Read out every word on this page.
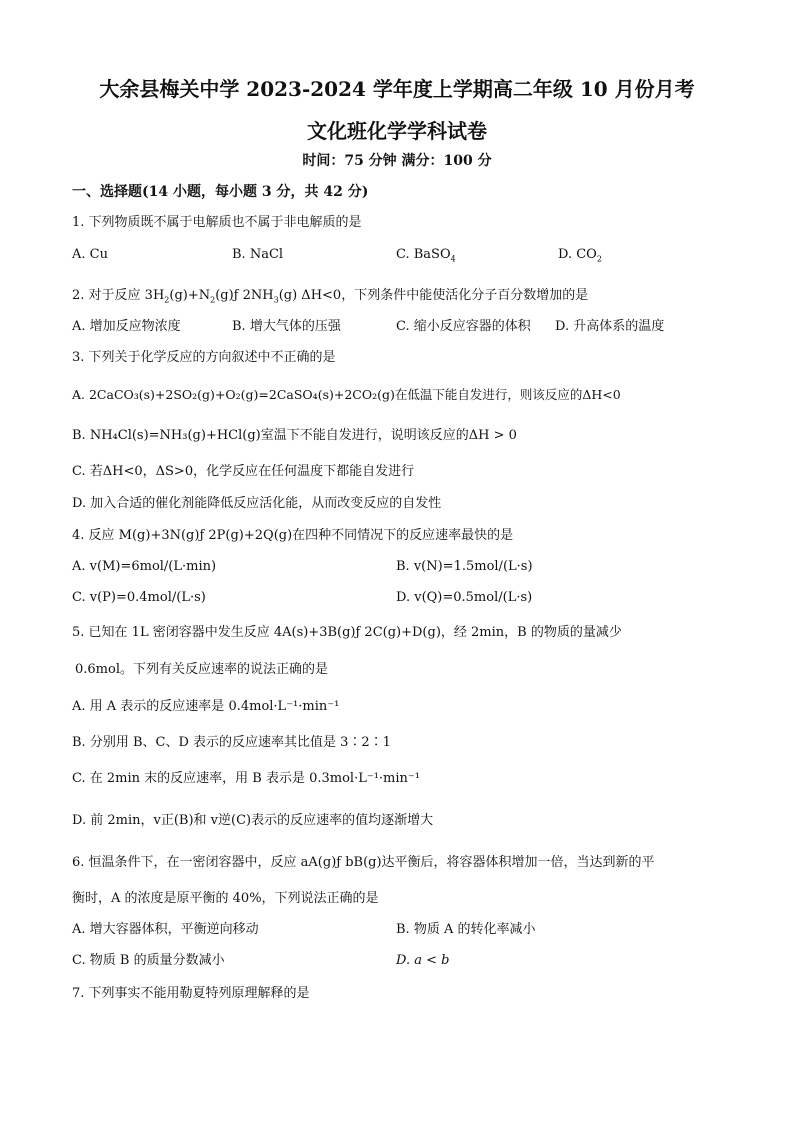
大余县梅关中学 2023-2024 学年度上学期高二年级 10 月份月考
文化班化学学科试卷
时间：75 分钟 满分：100 分
一、选择题(14 小题，每小题 3 分，共 42 分)
1. 下列物质既不属于电解质也不属于非电解质的是
A. Cu	B. NaCl	C. BaSO$_4$	D. $CO_2$
2. 对于反应 $3H_2(g)+N_2(g)ƒ$ $2NH_3(g)$ ΔH<0，下列条件中能使活化分子百分数增加的是
A. 增加反应物浓度	B. 增大气体的压强	C. 缩小反应容器的体积 D. 升高体系的温度
3. 下列关于化学反应的方向叙述中不正确的是
A. 2CaCO₃(s)+2SO₂(g)+O₂(g)=2CaSO₄(s)+2CO₂(g)在低温下能自发进行，则该反应的ΔH<0
B. NH₄Cl(s)=NH₃(g)+HCl(g)室温下不能自发进行，说明该反应的ΔH > 0
C. 若ΔH<0，ΔS>0，化学反应在任何温度下都能自发进行
D. 加入合适的催化剂能降低反应活化能，从而改变反应的自发性
4. 反应 M(g)+3N(g)ƒ 2P(g)+2Q(g)在四种不同情况下的反应速率最快的是
A. v(M)=6mol/(L·min)	B. v(N)=1.5mol/(L·s)
C. v(P)=0.4mol/(L·s)	D. v(Q)=0.5mol/(L·s)
5. 已知在 1L 密闭容器中发生反应 4A(s)+3B(g)ƒ 2C(g)+D(g)，经 2min，B 的物质的量减少
0.6mol。下列有关反应速率的说法正确的是
A. 用 A 表示的反应速率是 0.4mol·L⁻¹·min⁻¹
B. 分别用 B、C、D 表示的反应速率其比值是 3∶2∶1
C. 在 2min 末的反应速率，用 B 表示是 0.3mol·L⁻¹·min⁻¹
D. 前 2min，v正(B)和 v逆(C)表示的反应速率的值均逐渐增大
6. 恒温条件下，在一密闭容器中，反应 aA(g)ƒ bB(g)达平衡后，将容器体积增加一倍，当达到新的平
衡时，A 的浓度是原平衡的 40%，下列说法正确的是
A. 增大容器体积，平衡逆向移动	B. 物质 A 的转化率减小
C. 物质 B 的质量分数减小	D. a < b
7. 下列事实不能用勒夏特列原理解释的是
